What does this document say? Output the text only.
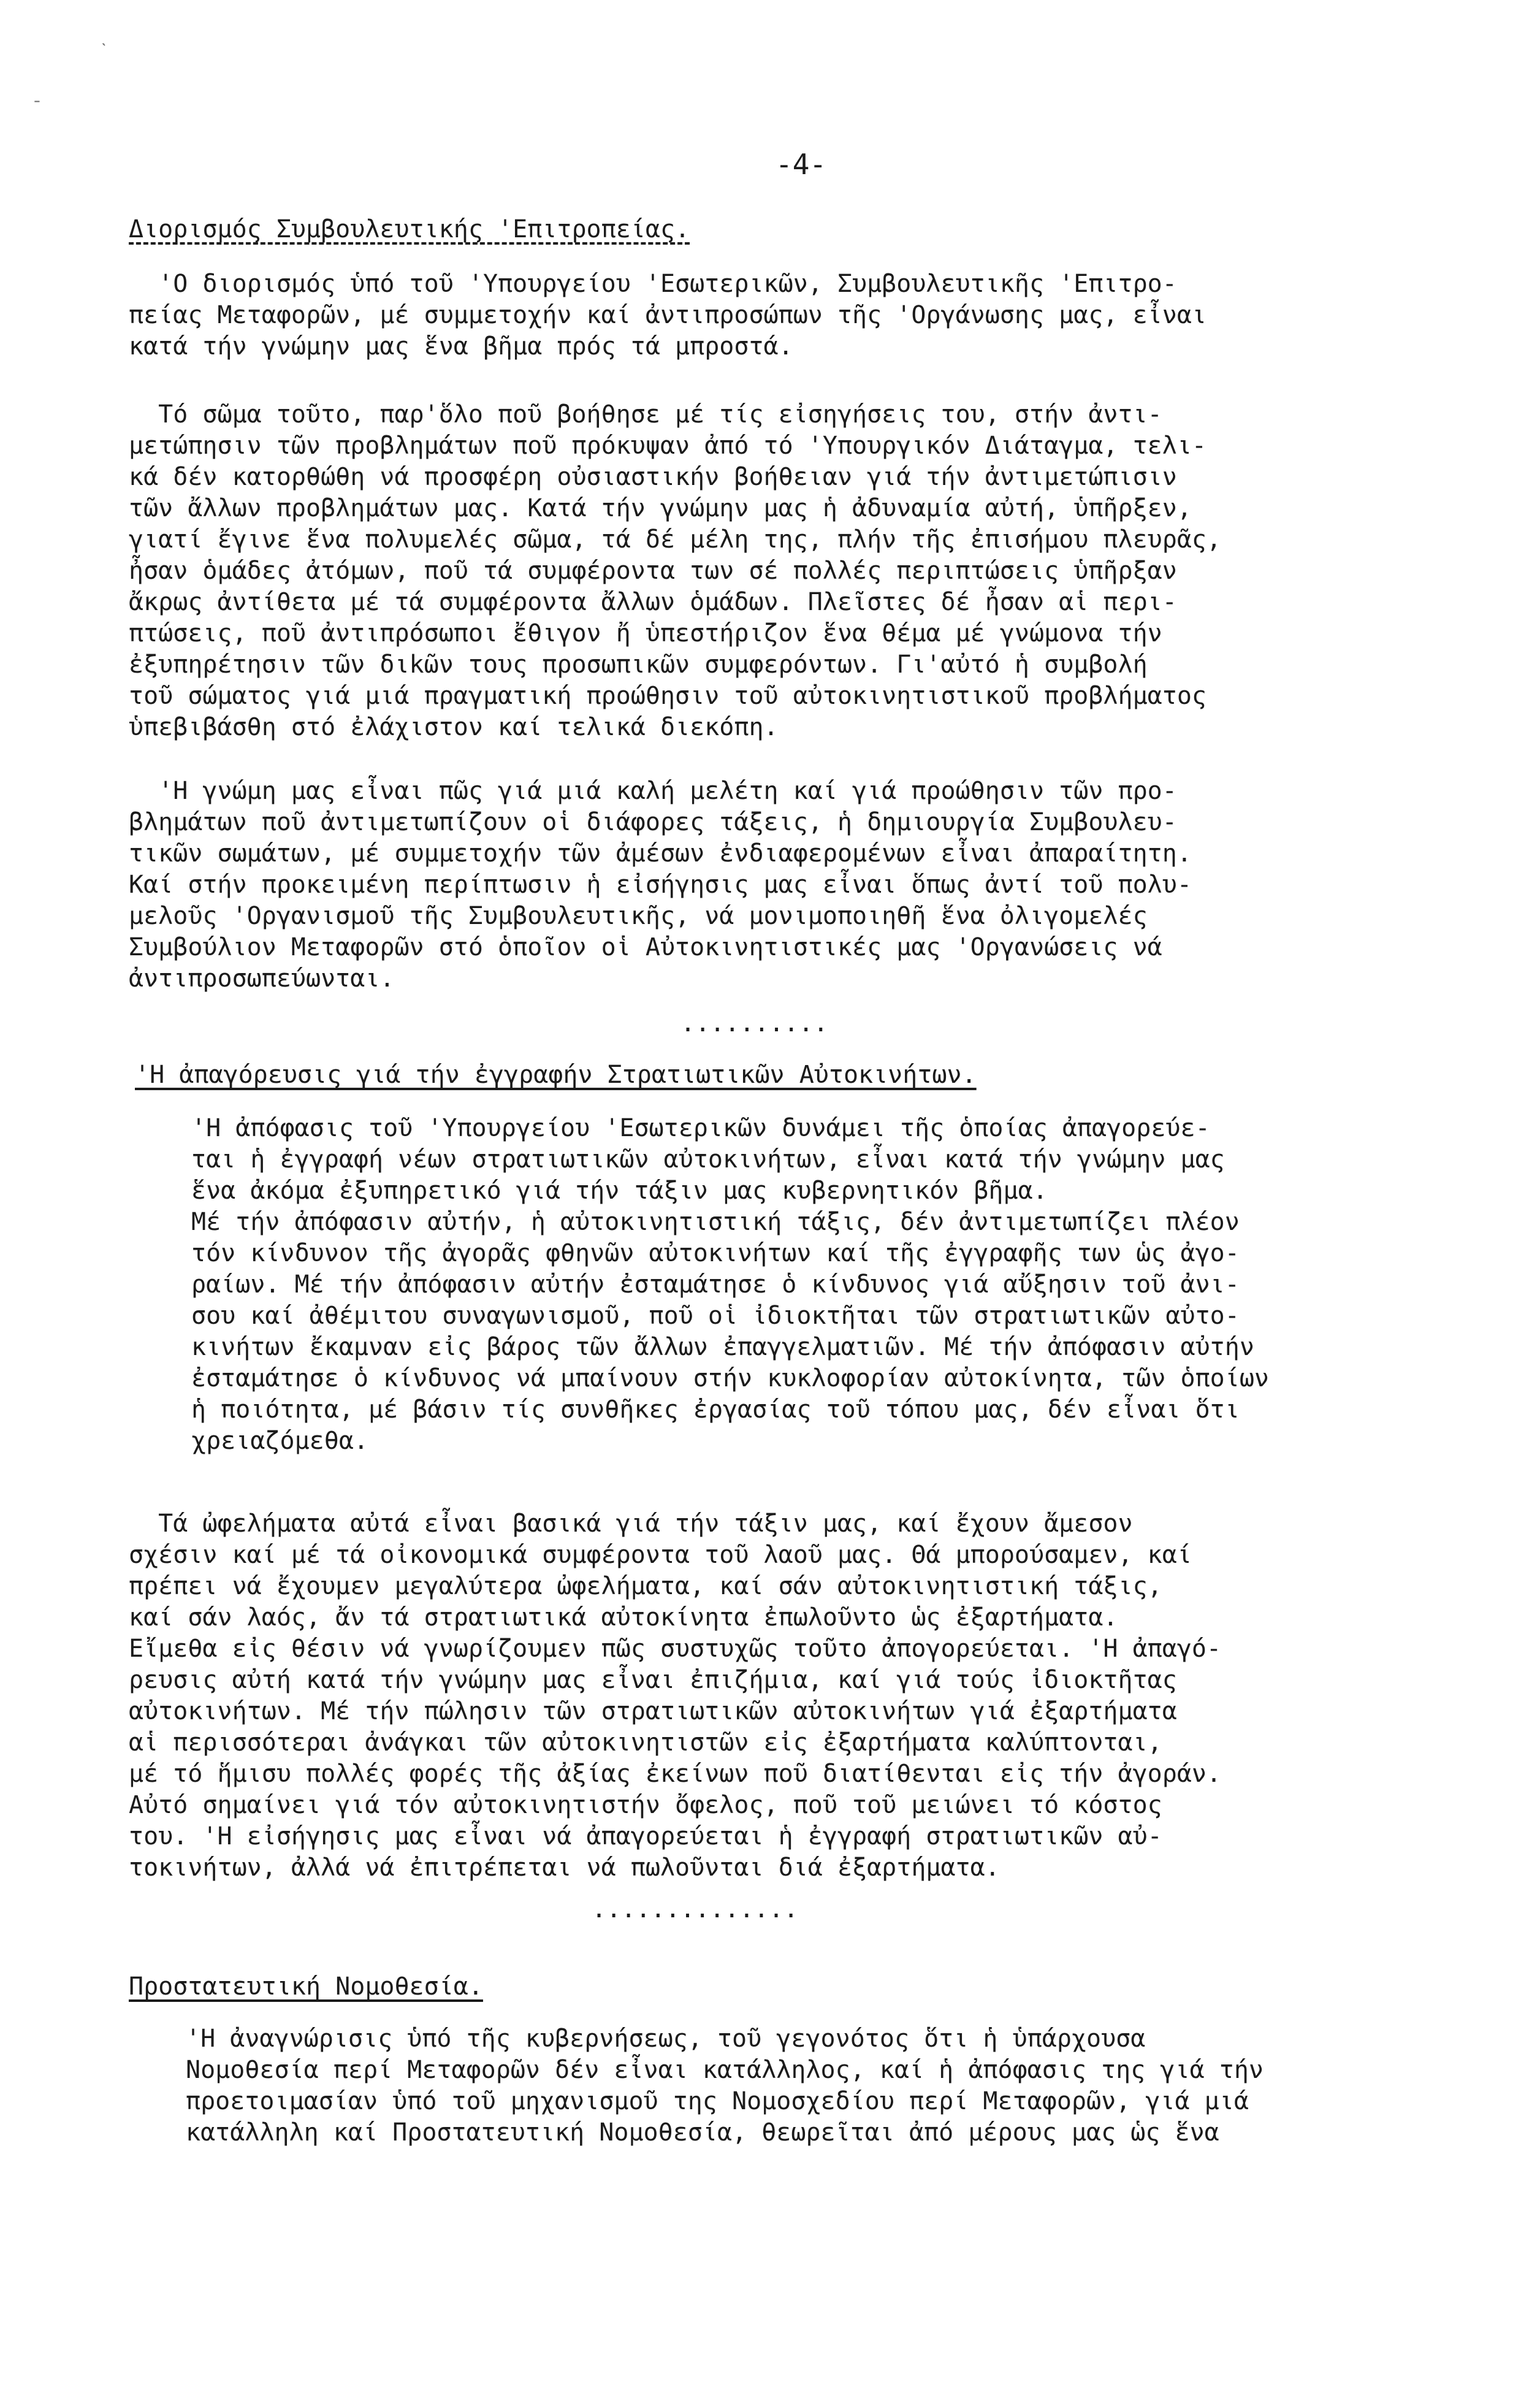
ˋ
ˉ
-4-
Διορισμός Συμβουλευτικής 'Επιτροπείας.
'Ο διορισμός ὑπό τοῦ 'Υπουργείου 'Εσωτερικῶν, Συμβουλευτικῆς 'Επιτρο-
πείας Μεταφορῶν, μέ συμμετοχήν καί ἀντιπροσώπων τῆς 'Οργάνωσης μας, εἶναι
κατά τήν γνώμην μας ἕνα βῆμα πρός τά μπροστά.
Τό σῶμα τοῦτο, παρ'ὅλο ποῦ βοήθησε μέ τίς εἰσηγήσεις του, στήν ἀντι-
μετώπησιν τῶν προβλημάτων ποῦ πρόκυψαν ἀπό τό 'Υπουργικόν Διάταγμα, τελι-
κά δέν κατορθώθη νά προσφέρη οὐσιαστικήν βοήθειαν γιά τήν ἀντιμετώπισιν
τῶν ἄλλων προβλημάτων μας. Κατά τήν γνώμην μας ἡ ἀδυναμία αὐτή, ὑπῆρξεν,
γιατί ἔγινε ἕνα πολυμελές σῶμα, τά δέ μέλη της, πλήν τῆς ἐπισήμου πλευρᾶς,
ἦσαν ὁμάδες ἀτόμων, ποῦ τά συμφέροντα των σέ πολλές περιπτώσεις ὑπῆρξαν
ἄκρως ἀντίθετα μέ τά συμφέροντα ἄλλων ὁμάδων. Πλεῖστες δέ ἦσαν αἱ περι-
πτώσεις, ποῦ ἀντιπρόσωποι ἔθιγον ἤ ὑπεστήριζον ἕνα θέμα μέ γνώμονα τήν
ἐξυπηρέτησιν τῶν διkῶν τους προσωπικῶν συμφερόντων. Γι'αὐτό ἡ συμβολή
τοῦ σώματος γιά μιά πραγματική προώθησιν τοῦ αὐτοκινητιστικοῦ προβλήματος
ὑπεβιβάσθη στό ἐλάχιστον καί τελικά διεκόπη.
'Η γνώμη μας εἶναι πῶς γιά μιά καλή μελέτη καί γιά προώθησιν τῶν προ-
βλημάτων ποῦ ἀντιμετωπίζουν οἱ διάφορες τάξεις, ἡ δημιουργία Συμβουλευ-
τικῶν σωμάτων, μέ συμμετοχήν τῶν ἀμέσων ἐνδιαφερομένων εἶναι ἀπαραίτητη.
Καί στήν προκειμένη περίπτωσιν ἡ εἰσήγησις μας εἶναι ὅπως ἀντί τοῦ πολυ-
μελοῦς 'Οργανισμοῦ τῆς Συμβουλευτικῆς, νά μονιμοποιηθῆ ἕνα ὀλιγομελές
Συμβούλιον Μεταφορῶν στό ὁποῖον οἱ Αὐτοκινητιστικές μας 'Οργανώσεις νά
ἀντιπροσωπεύωνται.
..........
'Η ἀπαγόρευσις γιά τήν ἐγγραφήν Στρατιωτικῶν Αὐτοκινήτων.
'Η ἀπόφασις τοῦ 'Υπουργείου 'Εσωτερικῶν δυνάμει τῆς ὁποίας ἀπαγορεύε-
ται ἡ ἐγγραφή νέων στρατιωτικῶν αὐτοκινήτων, εἶναι κατά τήν γνώμην μας
ἕνα ἀκόμα ἐξυπηρετικό γιά τήν τάξιν μας κυβερνητικόν βῆμα.
Μέ τήν ἀπόφασιν αὐτήν, ἡ αὐτοκινητιστική τάξις, δέν ἀντιμετωπίζει πλέον
τόν κίνδυνον τῆς ἀγορᾶς φθηνῶν αὐτοκινήτων καί τῆς ἐγγραφῆς των ὡς ἀγο-
ραίων. Μέ τήν ἀπόφασιν αὐτήν ἐσταμάτησε ὁ κίνδυνος γιά αὔξησιν τοῦ ἀνι-
σου καί ἀθέμιτου συναγωνισμοῦ, ποῦ οἱ ἰδιοκτῆται τῶν στρατιωτικῶν αὐτο-
κινήτων ἔκαμναν εἰς βάρος τῶν ἄλλων ἐπαγγελματιῶν. Μέ τήν ἀπόφασιν αὐτήν
ἐσταμάτησε ὁ κίνδυνος νά μπαίνουν στήν κυκλοφορίαν αὐτοκίνητα, τῶν ὁποίων
ἡ ποιότητα, μέ βάσιν τίς συνθῆκες ἐργασίας τοῦ τόπου μας, δέν εἶναι ὅτι
χρειαζόμεθα.
Τά ὠφελήματα αὐτά εἶναι βασικά γιά τήν τάξιν μας, καί ἔχουν ἄμεσον
σχέσιν καί μέ τά οἰκονομικά συμφέροντα τοῦ λαοῦ μας. Θά μπορούσαμεν, καί
πρέπει νά ἔχουμεν μεγαλύτερα ὠφελήματα, καί σάν αὐτοκινητιστική τάξις,
καί σάν λαός, ἄν τά στρατιωτικά αὐτοκίνητα ἐπωλοῦντο ὡς ἐξαρτήματα.
Εἴμεθα εἰς θέσιν νά γνωρίζουμεν πῶς συστυχῶς τοῦτο ἀπογορεύεται. 'Η ἀπαγό-
ρευσις αὐτή κατά τήν γνώμην μας εἶναι ἐπιζήμια, καί γιά τούς ἰδιοκτῆτας
αὐτοκινήτων. Μέ τήν πώλησιν τῶν στρατιωτικῶν αὐτοκινήτων γιά ἐξαρτήματα
αἱ περισσότεραι ἀνάγκαι τῶν αὐτοκινητιστῶν εἰς ἐξαρτήματα καλύπτονται,
μέ τό ἥμισυ πολλές φορές τῆς ἀξίας ἐκείνων ποῦ διατίθενται εἰς τήν ἀγοράν.
Αὐτό σημαίνει γιά τόν αὐτοκινητιστήν ὄφελος, ποῦ τοῦ μειώνει τό κόστος
του. 'Η εἰσήγησις μας εἶναι νά ἀπαγορεύεται ἡ ἐγγραφή στρατιωτικῶν αὐ-
τοκινήτων, ἀλλά νά ἐπιτρέπεται νά πωλοῦνται διά ἐξαρτήματα.
..............
Προστατευτική Νομοθεσία.
'Η ἀναγνώρισις ὑπό τῆς κυβερνήσεως, τοῦ γεγονότος ὅτι ἡ ὑπάρχουσα
Νομοθεσία περί Μεταφορῶν δέν εἶναι κατάλληλος, καί ἡ ἀπόφασις της γιά τήν
προετοιμασίαν ὑπό τοῦ μηχανισμοῦ της Νομοσχεδίου περί Μεταφορῶν, γιά μιά
κατάλληλη καί Προστατευτική Νομοθεσία, θεωρεῖται ἀπό μέρους μας ὡς ἕνα
